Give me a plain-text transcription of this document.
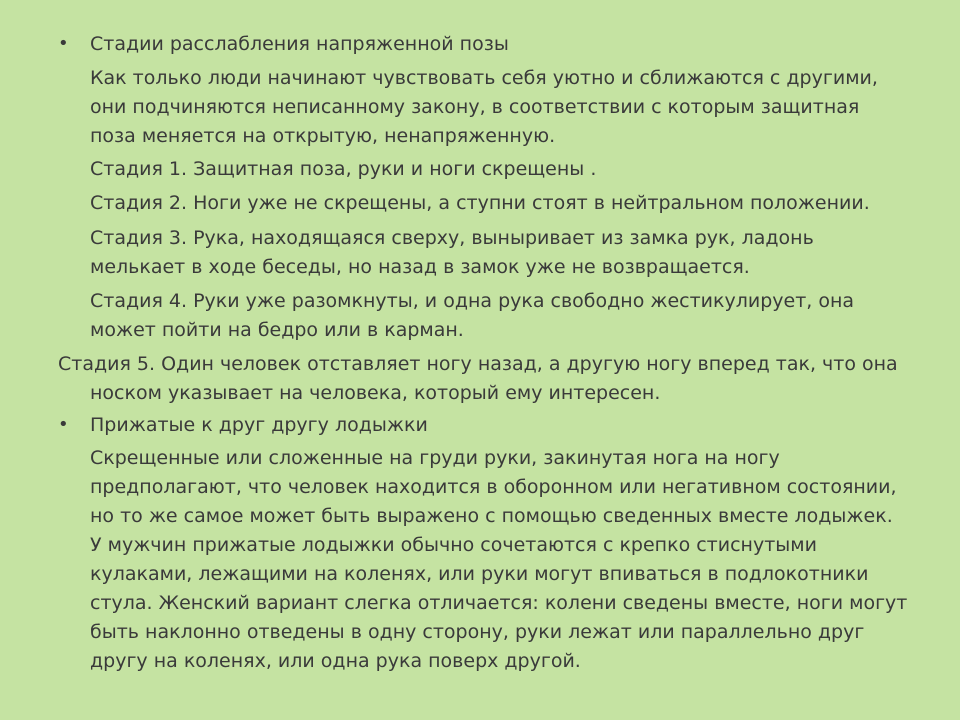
• Стадии расслабления напряженной позы
Как только люди начинают чувствовать себя уютно и сближаются с другими,
они подчиняются неписанному закону, в соответствии с которым защитная
поза меняется на открытую, ненапряженную.
Стадия 1. Защитная поза, руки и ноги скрещены .
Стадия 2. Ноги уже не скрещены, а ступни стоят в нейтральном положении.
Стадия 3. Рука, находящаяся сверху, выныривает из замка рук, ладонь
мелькает в ходе беседы, но назад в замок уже не возвращается.
Стадия 4. Руки уже разомкнуты, и одна рука свободно жестикулирует, она
может пойти на бедро или в карман.
Стадия 5. Один человек отставляет ногу назад, а другую ногу вперед так, что она
носком указывает на человека, который ему интересен.
• Прижатые к друг другу лодыжки
Скрещенные или сложенные на груди руки, закинутая нога на ногу
предполагают, что человек находится в оборонном или негативном состоянии,
но то же самое может быть выражено с помощью сведенных вместе лодыжек.
У мужчин прижатые лодыжки обычно сочетаются с крепко стиснутыми
кулаками, лежащими на коленях, или руки могут впиваться в подлокотники
стула. Женский вариант слегка отличается: колени сведены вместе, ноги могут
быть наклонно отведены в одну сторону, руки лежат или параллельно друг
другу на коленях, или одна рука поверх другой.
